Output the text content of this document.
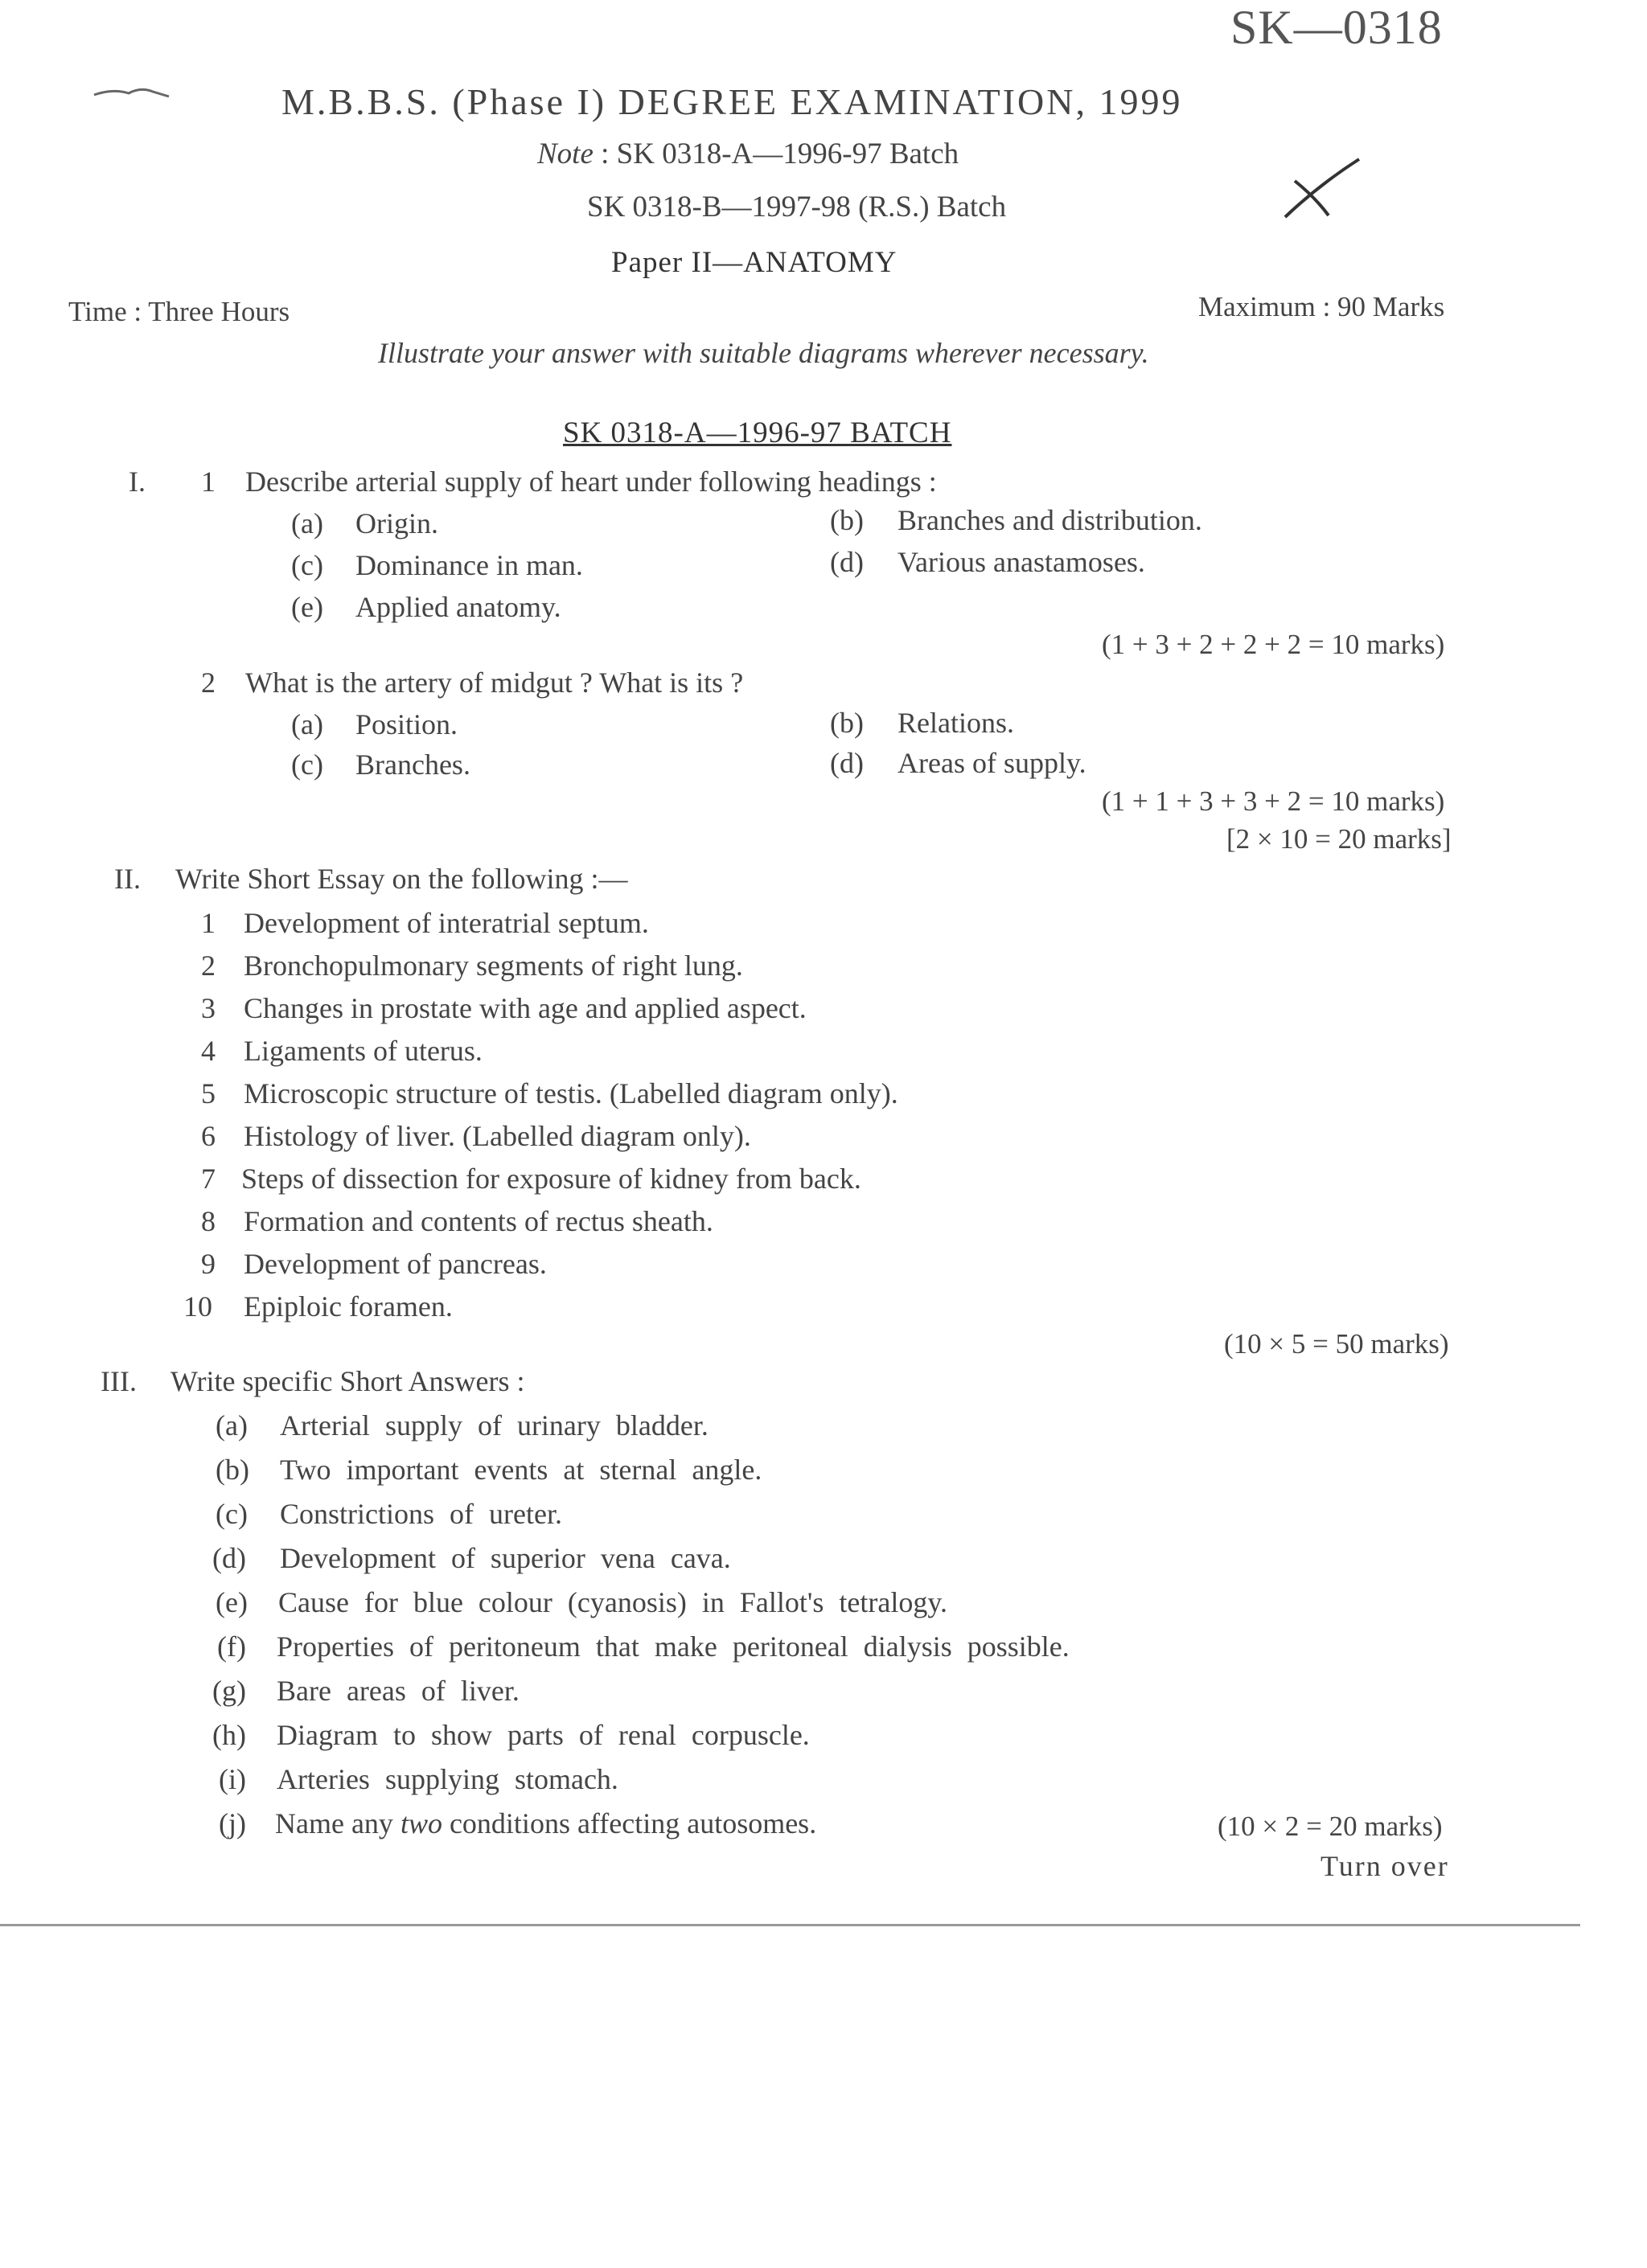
SK—0318
M.B.B.S. (Phase I) DEGREE EXAMINATION, 1999
Note : SK 0318-A—1996-97 Batch
SK 0318-B—1997-98 (R.S.) Batch
Paper II—ANATOMY
Time : Three Hours	Maximum : 90 Marks
Illustrate your answer with suitable diagrams wherever necessary.
SK 0318-A—1996-97 BATCH
I. 1 Describe arterial supply of heart under following headings :
(a) Origin.	(b) Branches and distribution.
(c) Dominance in man.	(d) Various anastamoses.
(e) Applied anatomy.
(1 + 3 + 2 + 2 + 2 = 10 marks)
2 What is the artery of midgut ? What is its ?
(a) Position.	(b) Relations.
(c) Branches.	(d) Areas of supply.
(1 + 1 + 3 + 3 + 2 = 10 marks)
[2 × 10 = 20 marks]
II. Write Short Essay on the following :—
1 Development of interatrial septum.
2 Bronchopulmonary segments of right lung.
3 Changes in prostate with age and applied aspect.
4 Ligaments of uterus.
5 Microscopic structure of testis. (Labelled diagram only).
6 Histology of liver. (Labelled diagram only).
7 Steps of dissection for exposure of kidney from back.
8 Formation and contents of rectus sheath.
9 Development of pancreas.
10 Epiploic foramen.
(10 × 5 = 50 marks)
III. Write specific Short Answers :
(a) Arterial supply of urinary bladder.
(b) Two important events at sternal angle.
(c) Constrictions of ureter.
(d) Development of superior vena cava.
(e) Cause for blue colour (cyanosis) in Fallot's tetralogy.
(f) Properties of peritoneum that make peritoneal dialysis possible.
(g) Bare areas of liver.
(h) Diagram to show parts of renal corpuscle.
(i) Arteries supplying stomach.
(j) Name any two conditions affecting autosomes.	(10 × 2 = 20 marks)
Turn over
